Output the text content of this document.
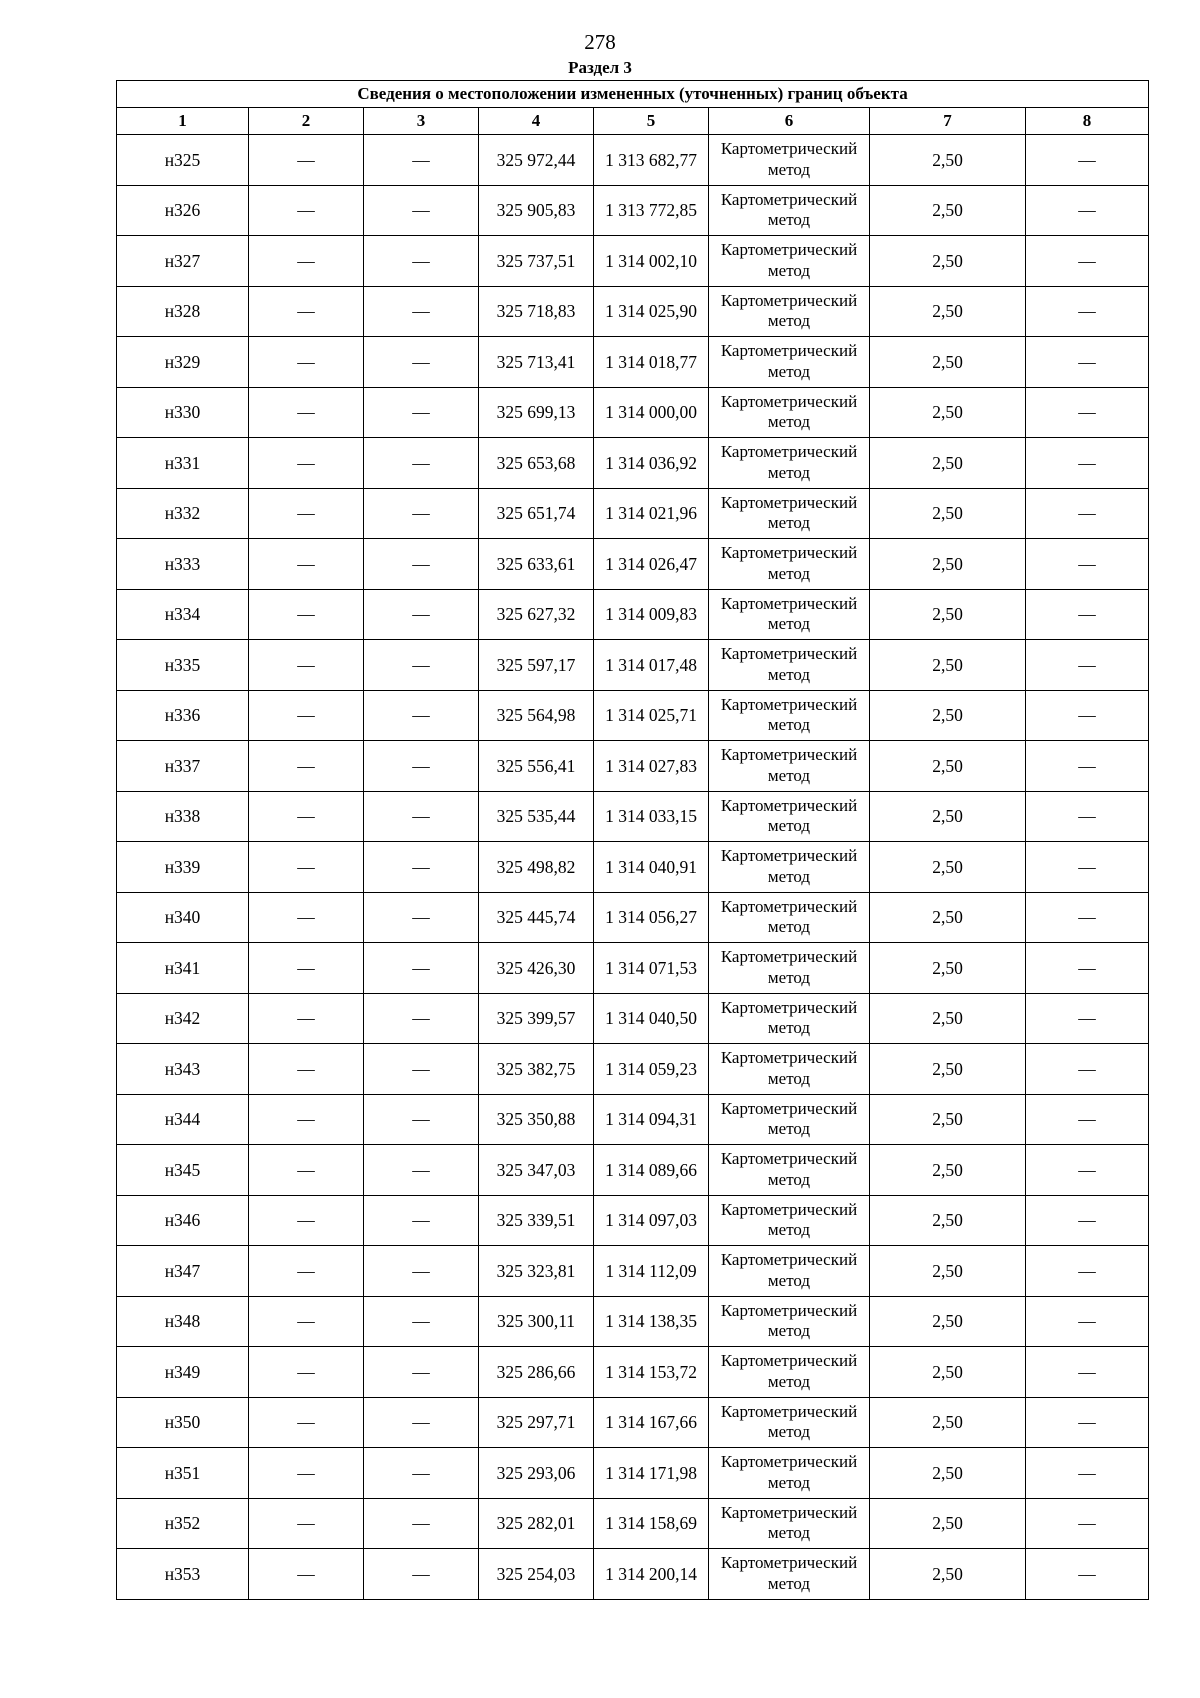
278
Раздел 3
Сведения о местоположении измененных (уточненных) границ объекта							
1	2	3	4	5	6	7	8
н325	—	—	325 972,44	1 313 682,77	Картометрический метод	2,50	—
н326	—	—	325 905,83	1 313 772,85	Картометрический метод	2,50	—
н327	—	—	325 737,51	1 314 002,10	Картометрический метод	2,50	—
н328	—	—	325 718,83	1 314 025,90	Картометрический метод	2,50	—
н329	—	—	325 713,41	1 314 018,77	Картометрический метод	2,50	—
н330	—	—	325 699,13	1 314 000,00	Картометрический метод	2,50	—
н331	—	—	325 653,68	1 314 036,92	Картометрический метод	2,50	—
н332	—	—	325 651,74	1 314 021,96	Картометрический метод	2,50	—
н333	—	—	325 633,61	1 314 026,47	Картометрический метод	2,50	—
н334	—	—	325 627,32	1 314 009,83	Картометрический метод	2,50	—
н335	—	—	325 597,17	1 314 017,48	Картометрический метод	2,50	—
н336	—	—	325 564,98	1 314 025,71	Картометрический метод	2,50	—
н337	—	—	325 556,41	1 314 027,83	Картометрический метод	2,50	—
н338	—	—	325 535,44	1 314 033,15	Картометрический метод	2,50	—
н339	—	—	325 498,82	1 314 040,91	Картометрический метод	2,50	—
н340	—	—	325 445,74	1 314 056,27	Картометрический метод	2,50	—
н341	—	—	325 426,30	1 314 071,53	Картометрический метод	2,50	—
н342	—	—	325 399,57	1 314 040,50	Картометрический метод	2,50	—
н343	—	—	325 382,75	1 314 059,23	Картометрический метод	2,50	—
н344	—	—	325 350,88	1 314 094,31	Картометрический метод	2,50	—
н345	—	—	325 347,03	1 314 089,66	Картометрический метод	2,50	—
н346	—	—	325 339,51	1 314 097,03	Картометрический метод	2,50	—
н347	—	—	325 323,81	1 314 112,09	Картометрический метод	2,50	—
н348	—	—	325 300,11	1 314 138,35	Картометрический метод	2,50	—
н349	—	—	325 286,66	1 314 153,72	Картометрический метод	2,50	—
н350	—	—	325 297,71	1 314 167,66	Картометрический метод	2,50	—
н351	—	—	325 293,06	1 314 171,98	Картометрический метод	2,50	—
н352	—	—	325 282,01	1 314 158,69	Картометрический метод	2,50	—
н353	—	—	325 254,03	1 314 200,14	Картометрический метод	2,50	—
